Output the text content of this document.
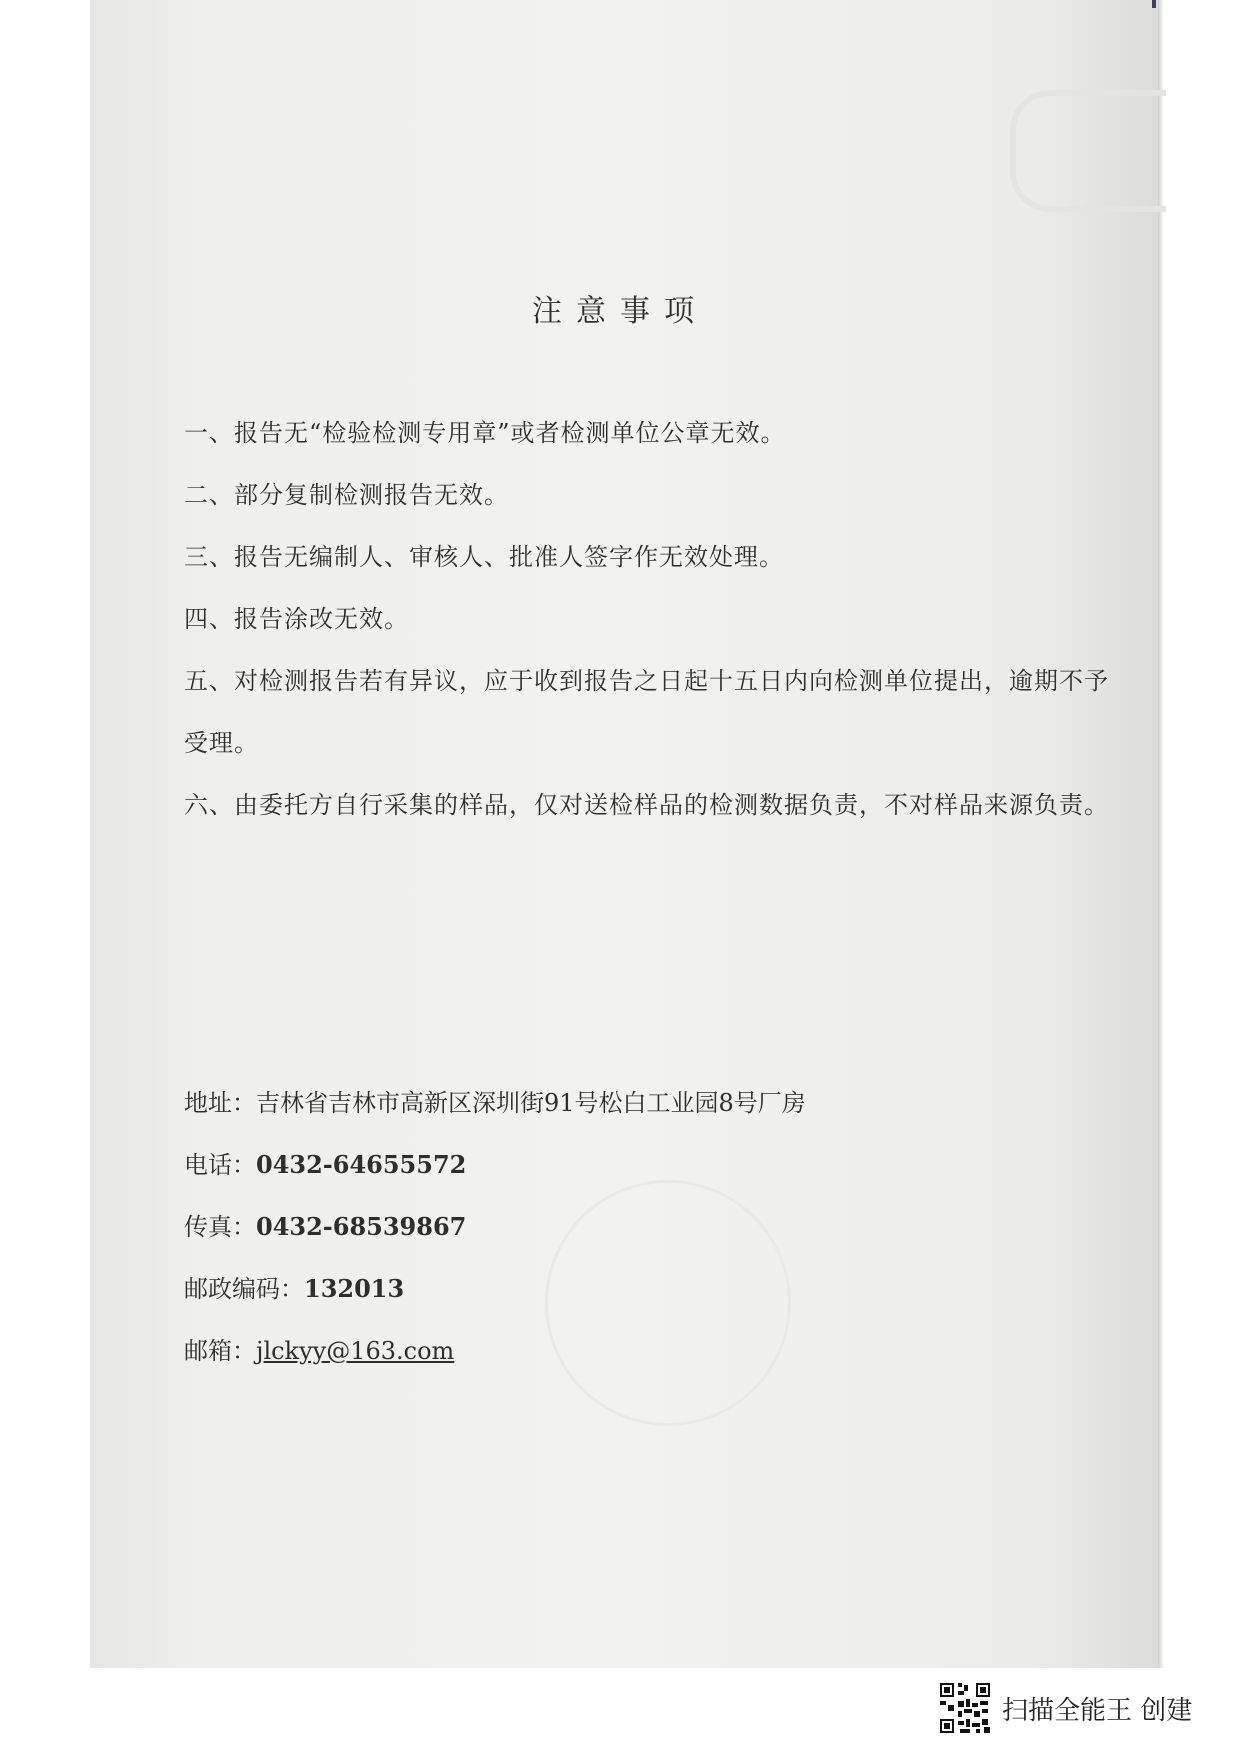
注意事项

一、报告无“检验检测专用章”或者检测单位公章无效。

二、部分复制检测报告无效。

三、报告无编制人、审核人、批准人签字作无效处理。

四、报告涂改无效。

五、对检测报告若有异议，应于收到报告之日起十五日内向检测单位提出，逾期不予受理。

六、由委托方自行采集的样品，仅对送检样品的检测数据负责，不对样品来源负责。

地址：吉林省吉林市高新区深圳街91号松白工业园8号厂房

电话：0432-64655572

传真：0432-68539867

邮政编码：132013

邮箱：jlckyy@163.com

扫描全能王 创建
